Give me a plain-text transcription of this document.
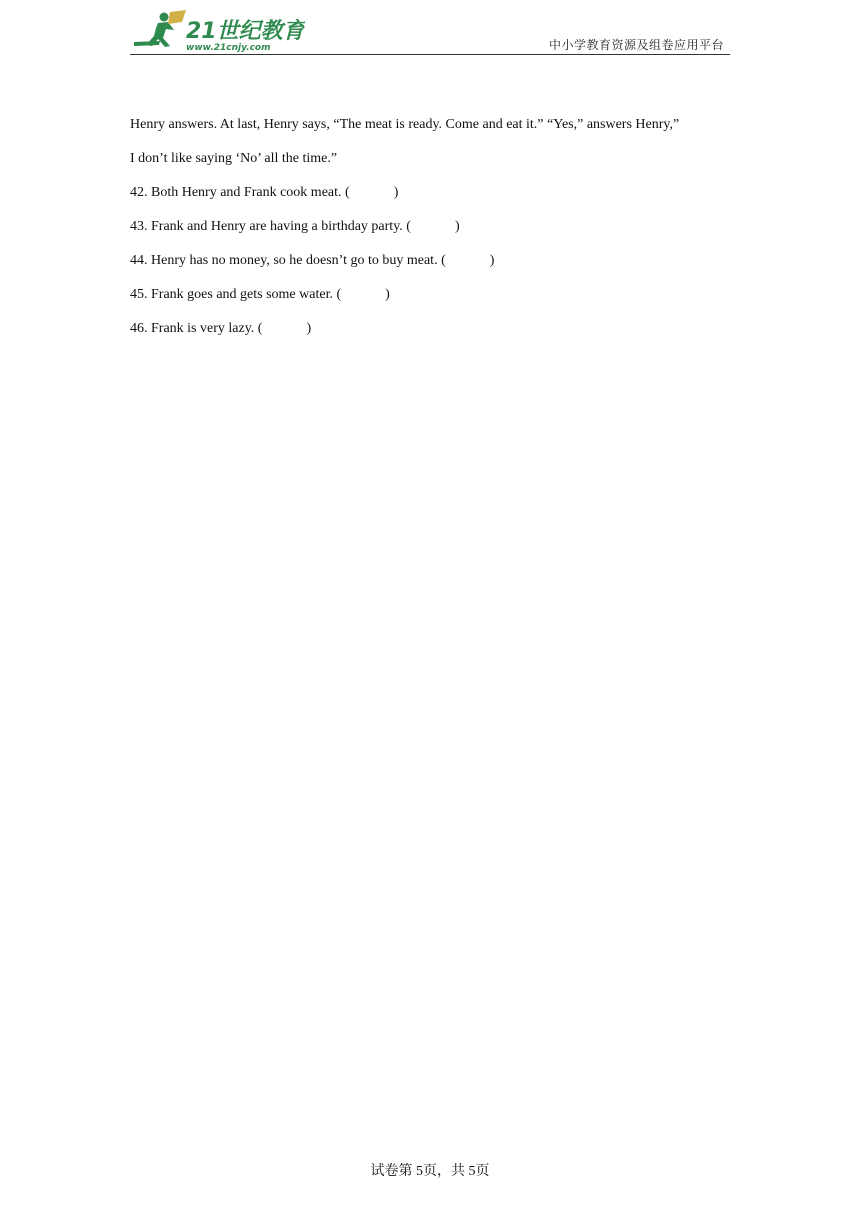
21世纪教育
www.21cnjy.com	中小学教育资源及组卷应用平台
Henry answers. At last, Henry says, “The meat is ready. Come and eat it.” “Yes,” answers Henry,”
I don’t like saying ‘No’ all the time.”
42. Both Henry and Frank cook meat. (	)
43. Frank and Henry are having a birthday party. (	)
44. Henry has no money, so he doesn’t go to buy meat. (	)
45. Frank goes and gets some water. (	)
46. Frank is very lazy. (	)
试卷第 5页，共 5页
